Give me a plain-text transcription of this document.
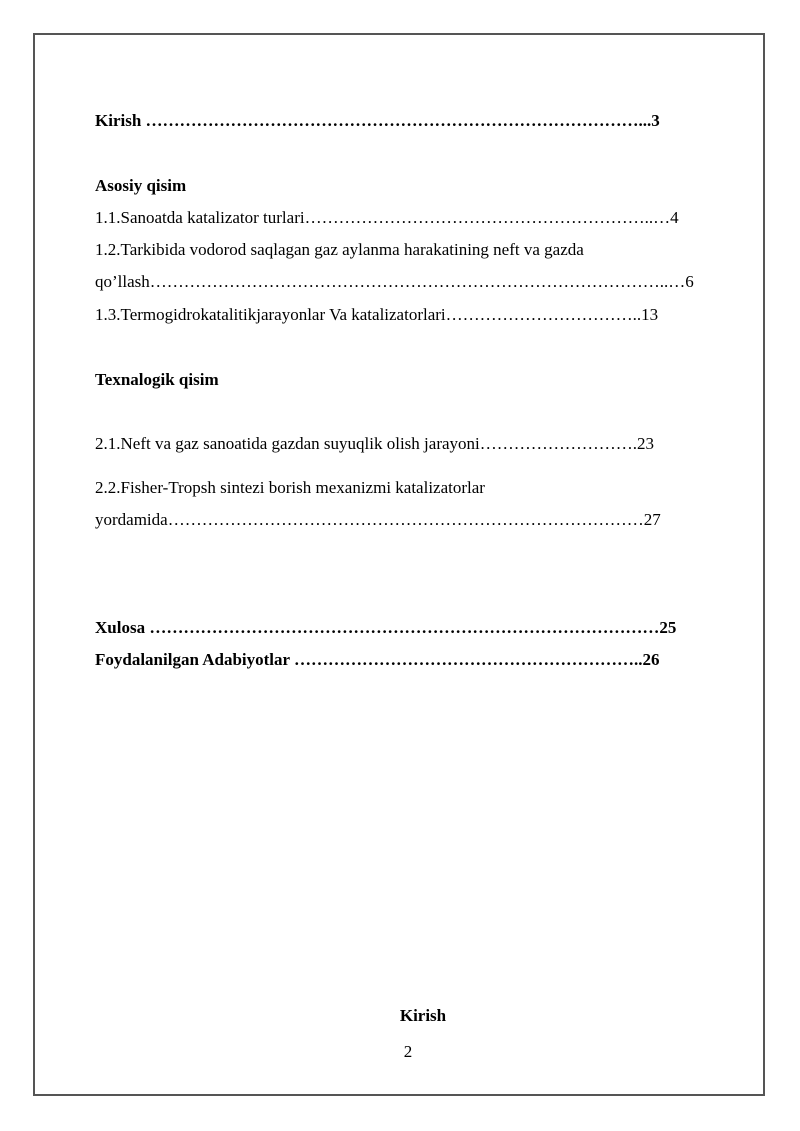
Kirish ……………………………………………………………………………...3
Asosiy qisim
1.1.Sanoatda katalizator turlari……………………………………………………..…4
1.2.Tarkibida vodorod saqlagan gaz aylanma harakatining neft va gazda
qo’llash………………………………………………………………………………..…6
1.3.Termogidrokatalitikjarayonlar Va katalizatorlari……………………………..13
Texnalogik qisim
2.1.Neft va gaz sanoatida gazdan suyuqlik olish jarayoni……………………….23
2.2.Fisher-Tropsh sintezi borish mexanizmi katalizatorlar
yordamida…………………………………………………………………………27
Xulosa ………………………………………………………………………………25
Foydalanilgan Adabiyotlar ……………………………………………………..26
Kirish
2
